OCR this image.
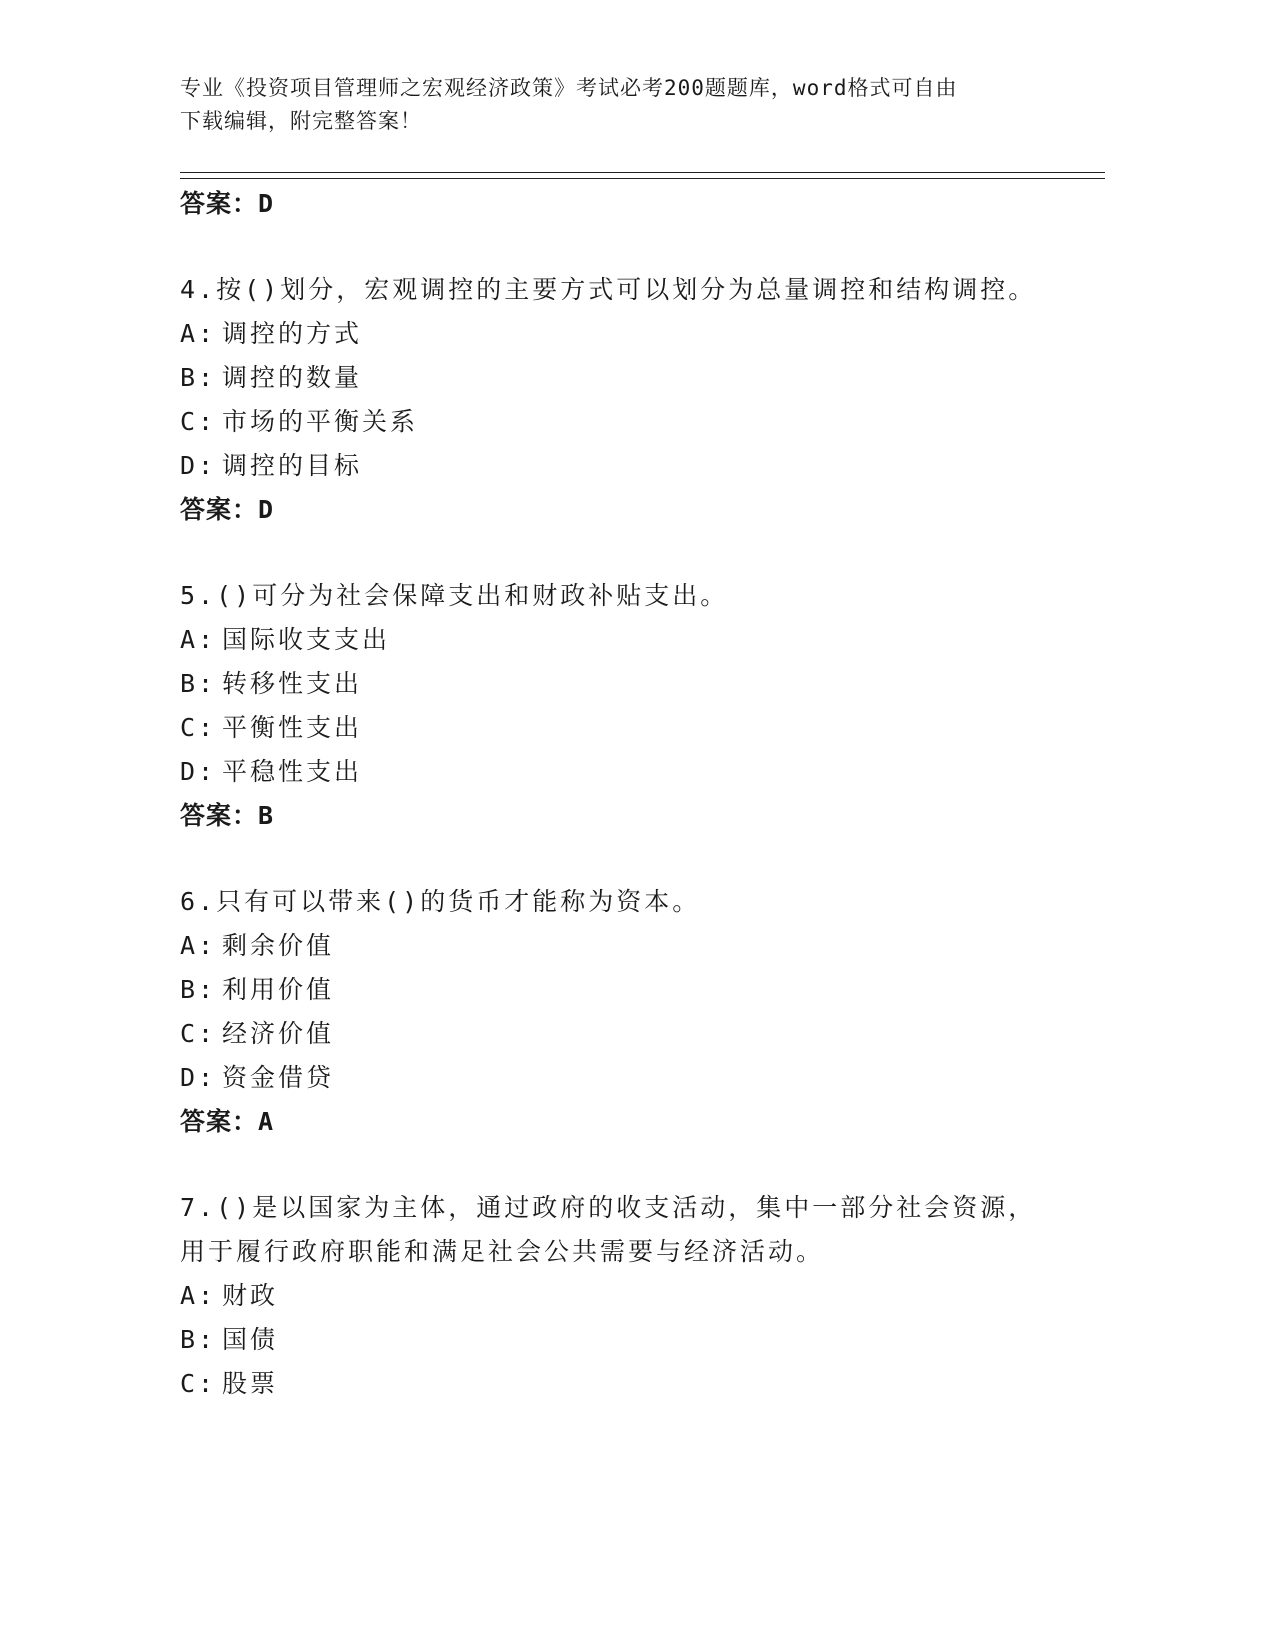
专业《投资项目管理师之宏观经济政策》考试必考200题题库，word格式可自由
下载编辑，附完整答案！
答案：D
4.按()划分，宏观调控的主要方式可以划分为总量调控和结构调控。
A: 调控的方式
B: 调控的数量
C: 市场的平衡关系
D: 调控的目标
答案：D
5.()可分为社会保障支出和财政补贴支出。
A: 国际收支支出
B: 转移性支出
C: 平衡性支出
D: 平稳性支出
答案：B
6.只有可以带来()的货币才能称为资本。
A: 剩余价值
B: 利用价值
C: 经济价值
D: 资金借贷
答案：A
7.()是以国家为主体，通过政府的收支活动，集中一部分社会资源，
用于履行政府职能和满足社会公共需要与经济活动。
A: 财政
B: 国债
C: 股票
